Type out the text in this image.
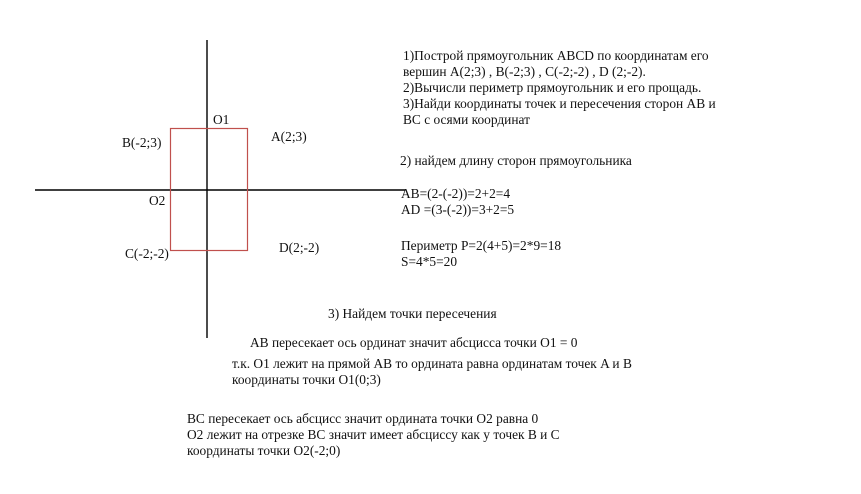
O1
B(-2;3)	A(2;3)
O2
C(-2;-2)	D(2;-2)
1)Построй прямоугольник ABCD по координатам его
вершин A(2;3) , B(-2;3) , C(-2;-2) , D (2;-2).
2)Вычисли периметр прямоугольник и его прощадь.
3)Найди координаты точек и пересечения сторон AB и
BC с осями координат
2) найдем длину сторон прямоугольника
AB=(2-(-2))=2+2=4
AD =(3-(-2))=3+2=5
Периметр P=2(4+5)=2*9=18
S=4*5=20
3) Найдем точки пересечения
AB пересекает ось ординат значит абсцисса точки O1 = 0
т.к. O1 лежит на прямой AB то ордината равна ординатам точек A и B
координаты точки O1(0;3)
BC пересекает ось абсцисс значит ордината точки O2 равна 0
O2 лежит на отрезке BC значит имеет абсциссу как у точек B и C
координаты точки O2(-2;0)
